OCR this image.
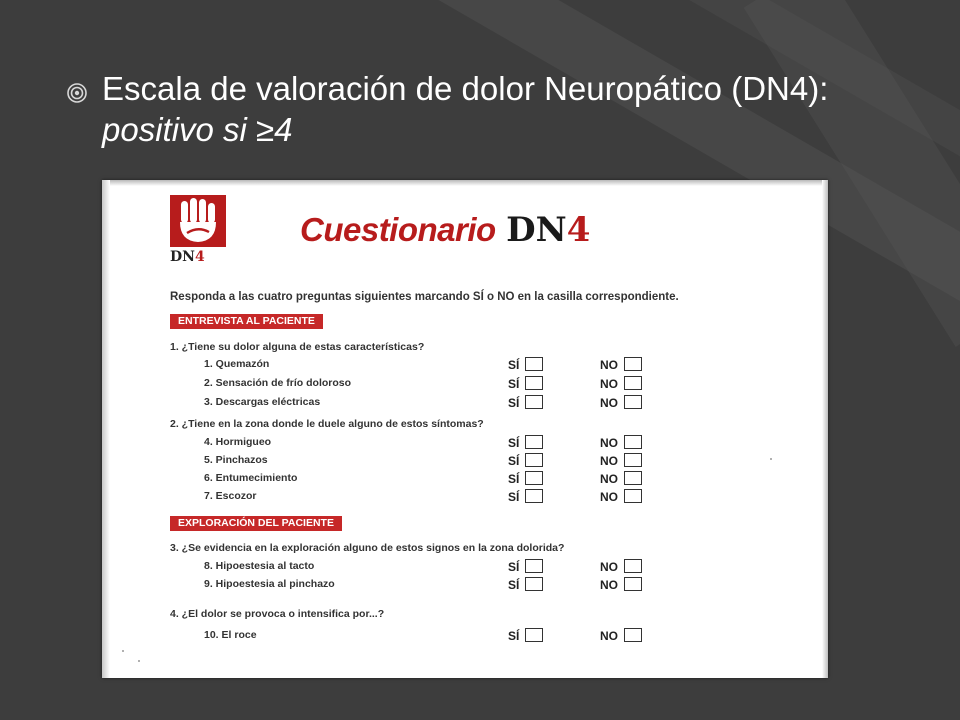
Escala de valoración de dolor Neuropático (DN4): positivo si ≥4
DN4
Cuestionario DN4
Responda a las cuatro preguntas siguientes marcando SÍ o NO en la casilla correspondiente.
ENTREVISTA AL PACIENTE
1. ¿Tiene su dolor alguna de estas características?
1. Quemazón	SÍ	NO
2. Sensación de frío doloroso	SÍ	NO
3. Descargas eléctricas	SÍ	NO
2. ¿Tiene en la zona donde le duele alguno de estos síntomas?
4. Hormigueo	SÍ	NO
5. Pinchazos	SÍ	NO
6. Entumecimiento	SÍ	NO
7. Escozor	SÍ	NO
EXPLORACIÓN DEL PACIENTE
3. ¿Se evidencia en la exploración alguno de estos signos en la zona dolorida?
8. Hipoestesia al tacto	SÍ	NO
9. Hipoestesia al pinchazo	SÍ	NO
4. ¿El dolor se provoca o intensifica por...?
10. El roce	SÍ	NO
